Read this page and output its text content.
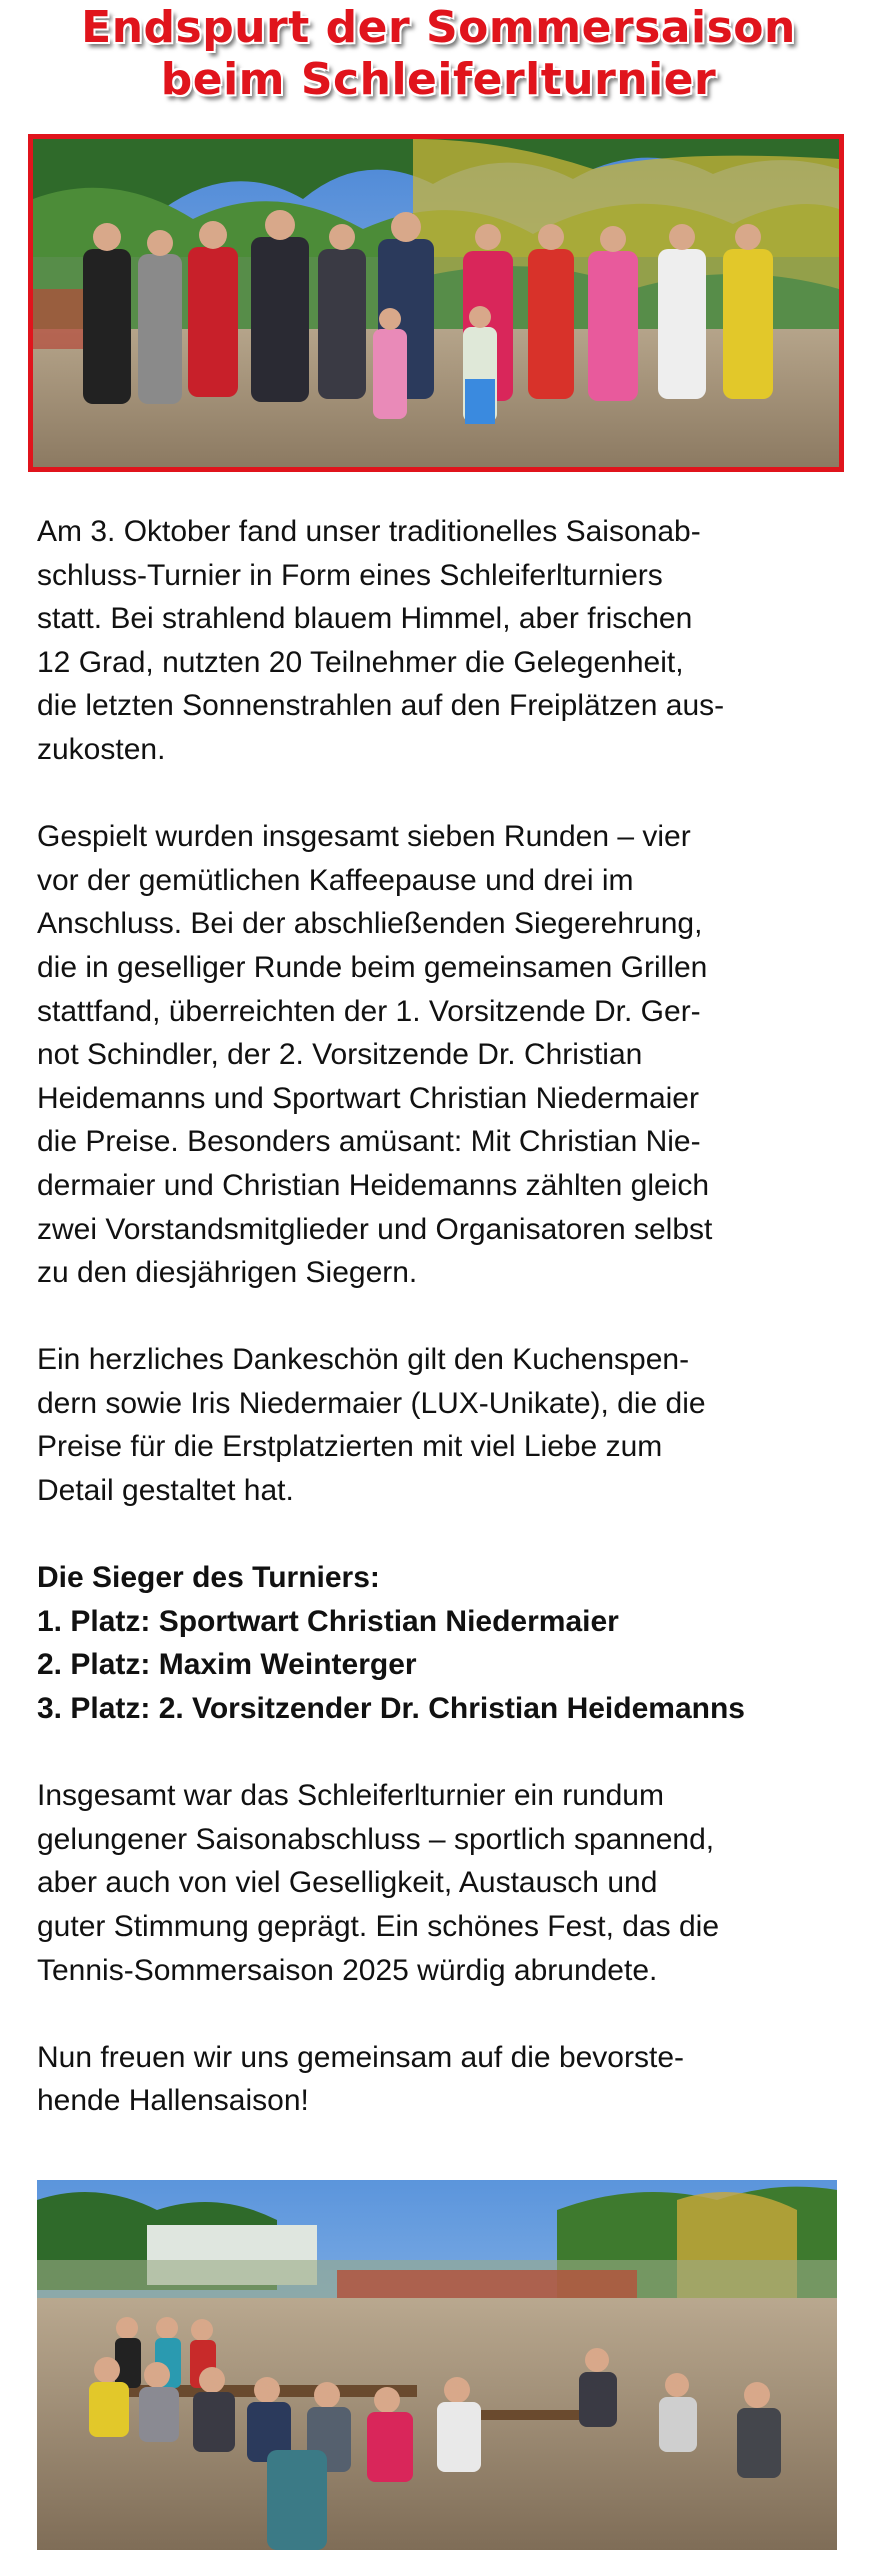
Endspurt der Sommersaison
beim Schleiferlturnier

Am 3. Oktober fand unser traditionelles Saisonab-
schluss-Turnier in Form eines Schleiferlturniers
statt. Bei strahlend blauem Himmel, aber frischen
12 Grad, nutzten 20 Teilnehmer die Gelegenheit,
die letzten Sonnenstrahlen auf den Freiplätzen aus-
zukosten.

Gespielt wurden insgesamt sieben Runden – vier
vor der gemütlichen Kaffeepause und drei im
Anschluss. Bei der abschließenden Siegerehrung,
die in geselliger Runde beim gemeinsamen Grillen
stattfand, überreichten der 1. Vorsitzende Dr. Ger-
not Schindler, der 2. Vorsitzende Dr. Christian
Heidemanns und Sportwart Christian Niedermaier
die Preise. Besonders amüsant: Mit Christian Nie-
dermaier und Christian Heidemanns zählten gleich
zwei Vorstandsmitglieder und Organisatoren selbst
zu den diesjährigen Siegern.

Ein herzliches Dankeschön gilt den Kuchenspen-
dern sowie Iris Niedermaier (LUX-Unikate), die die
Preise für die Erstplatzierten mit viel Liebe zum
Detail gestaltet hat.

Die Sieger des Turniers:
1. Platz: Sportwart Christian Niedermaier
2. Platz: Maxim Weinterger
3. Platz: 2. Vorsitzender Dr. Christian Heidemanns

Insgesamt war das Schleiferlturnier ein rundum
gelungener Saisonabschluss – sportlich spannend,
aber auch von viel Geselligkeit, Austausch und
guter Stimmung geprägt. Ein schönes Fest, das die
Tennis-Sommersaison 2025 würdig abrundete.

Nun freuen wir uns gemeinsam auf die bevorste-
hende Hallensaison!
